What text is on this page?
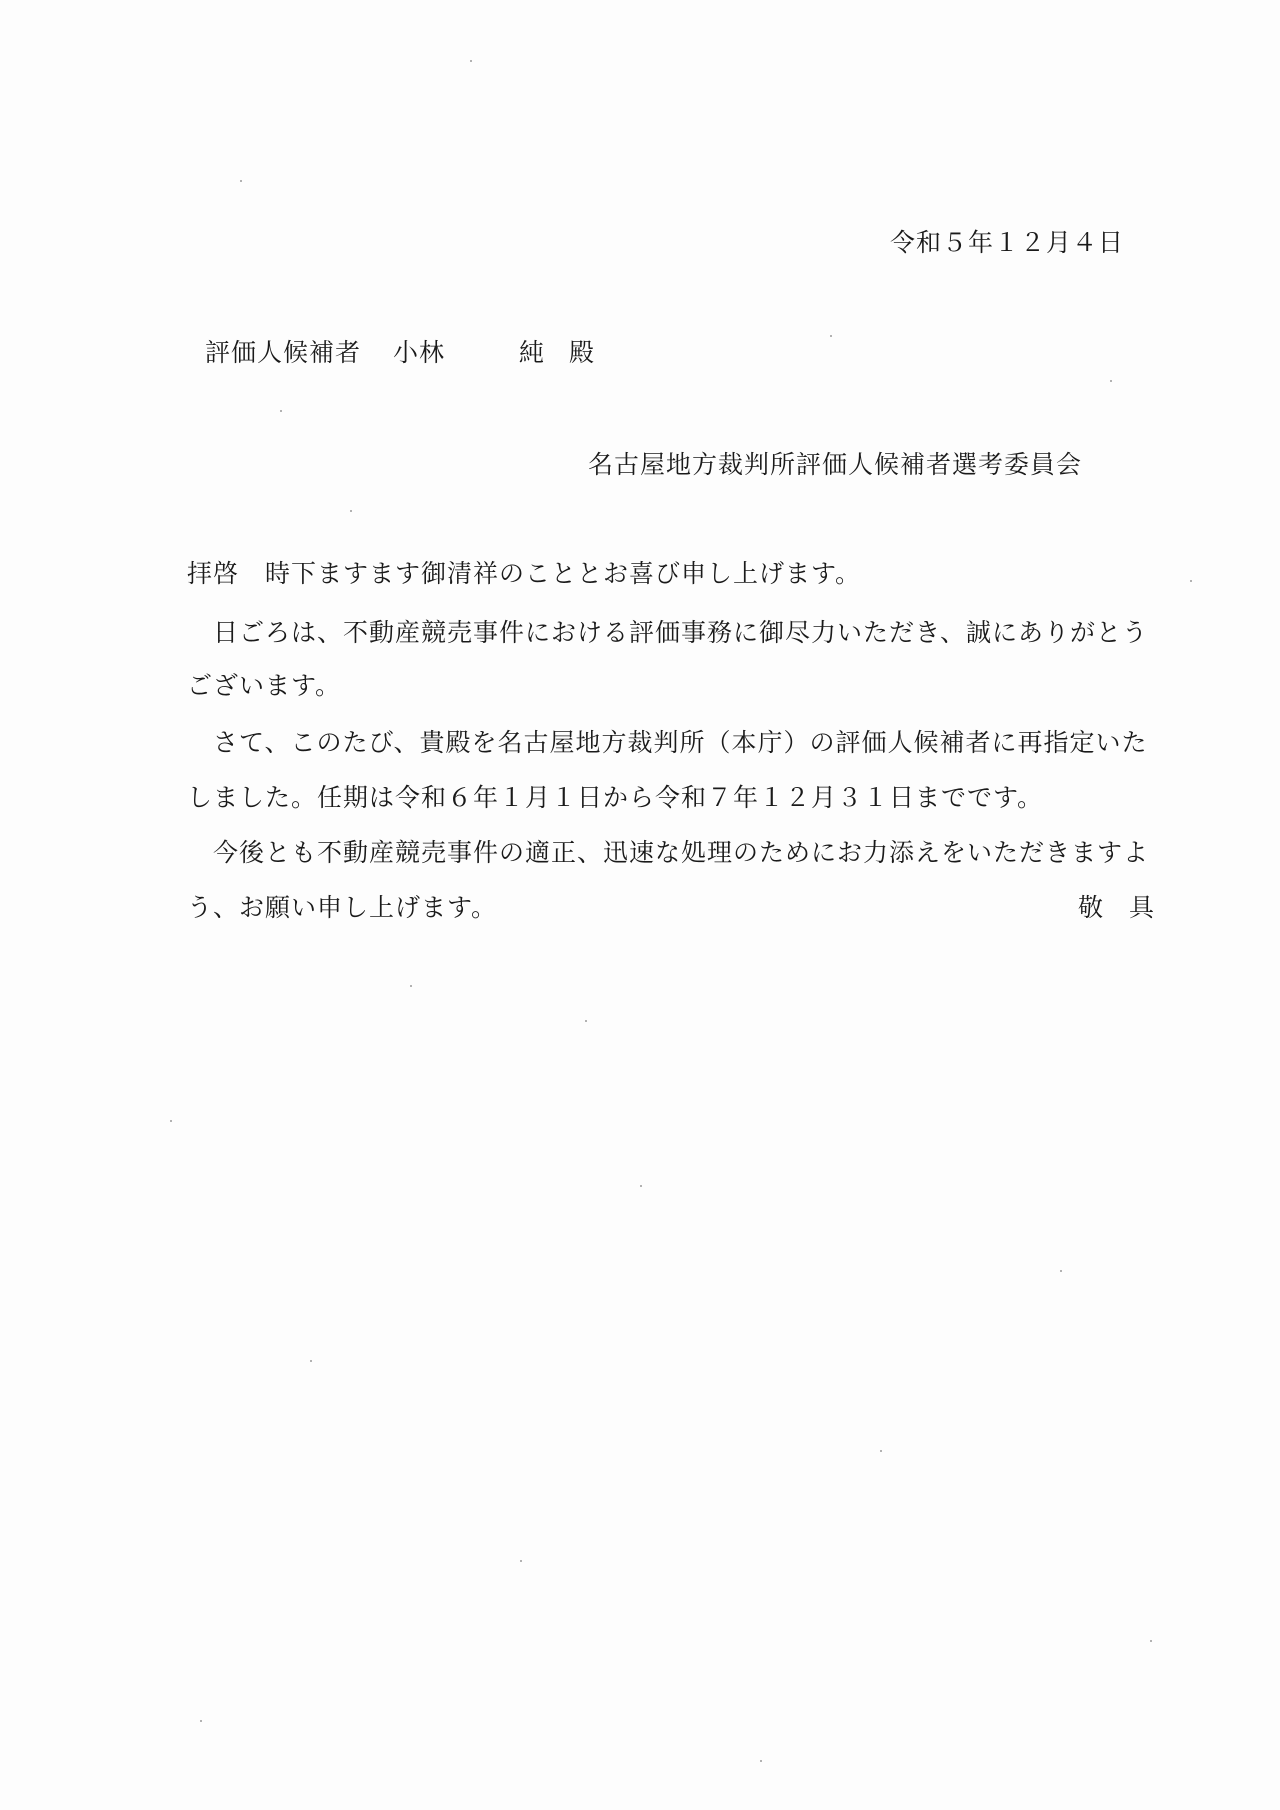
令和５年１２月４日
評価人候補者 小林	純 殿
名古屋地方裁判所評価人候補者選考委員会
拝啓　時下ますます御清祥のこととお喜び申し上げます。
　日ごろは、不動産競売事件における評価事務に御尽力いただき、誠にありがとう
ございます。
　さて、このたび、貴殿を名古屋地方裁判所（本庁）の評価人候補者に再指定いた
しました。任期は令和６年１月１日から令和７年１２月３１日までです。
　今後とも不動産競売事件の適正、迅速な処理のためにお力添えをいただきますよ
う、お願い申し上げます。	敬具
